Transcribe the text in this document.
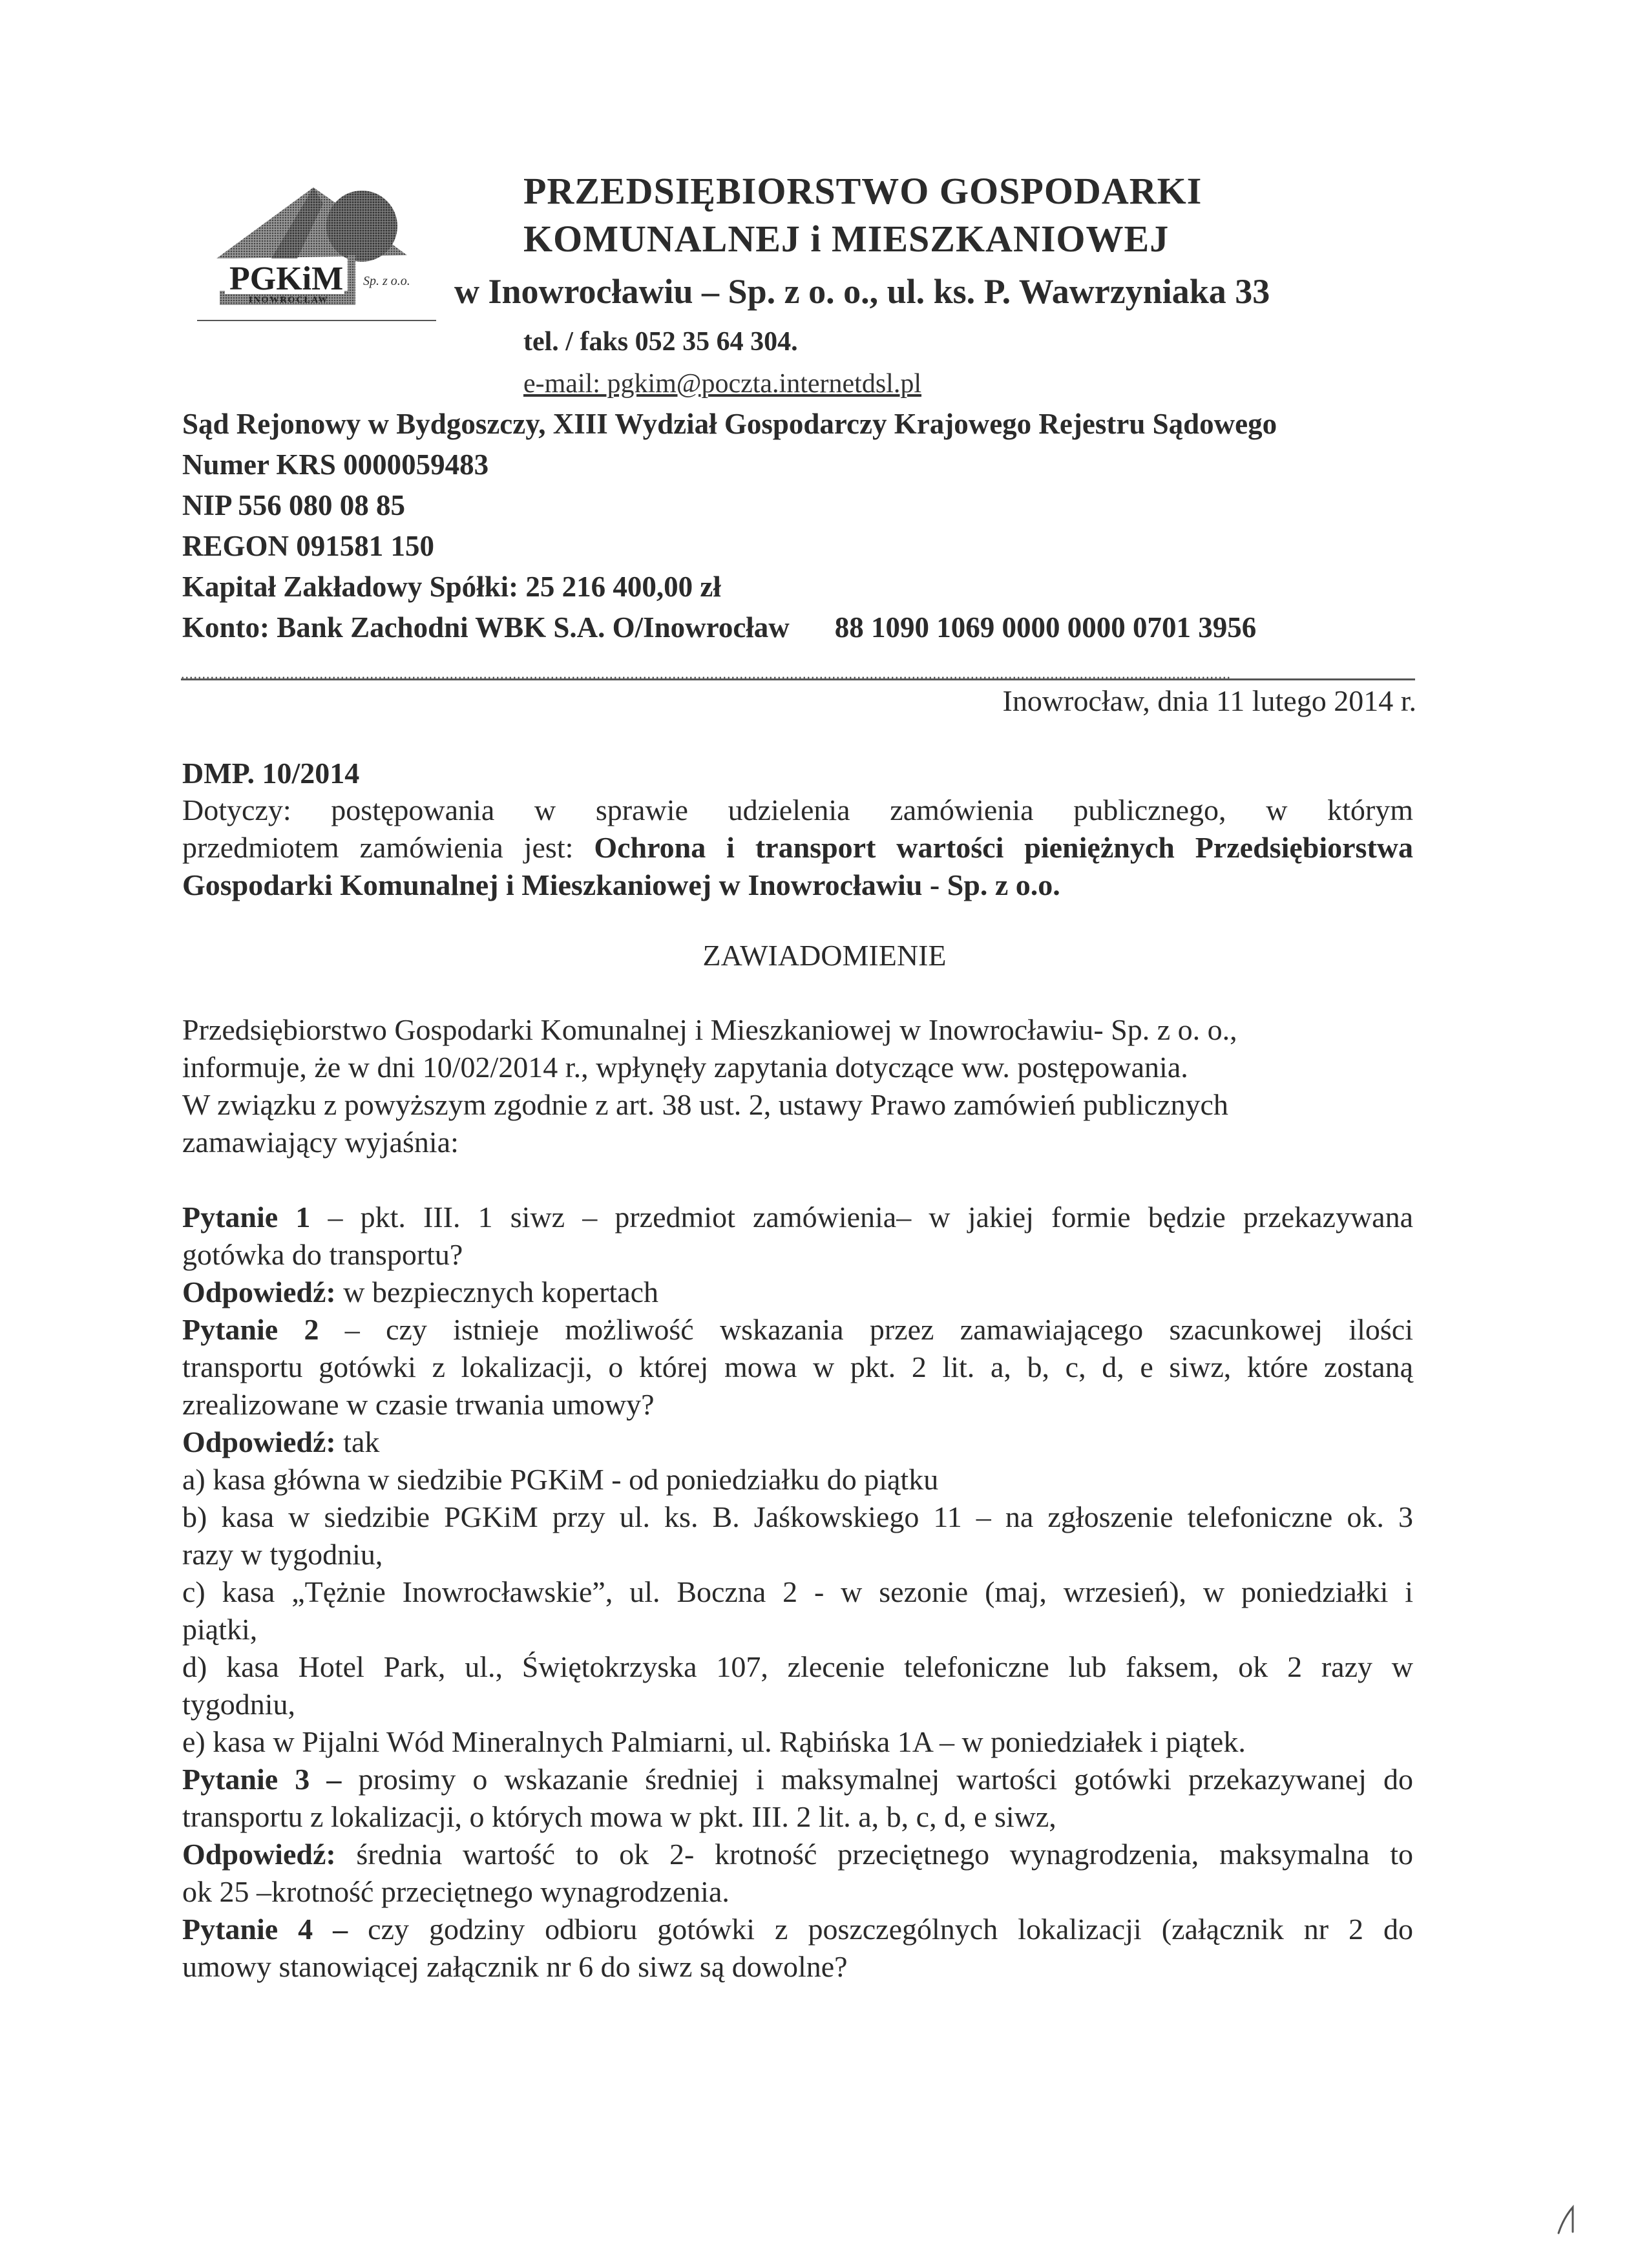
PGKiM
INOWROCŁAW
Sp. z o.o.
PRZEDSIĘBIORSTWO GOSPODARKI
KOMUNALNEJ i MIESZKANIOWEJ
w Inowrocławiu – Sp. z o. o., ul. ks. P. Wawrzyniaka 33
tel. / faks 052 35 64 304.
e-mail: pgkim@poczta.internetdsl.pl
Sąd Rejonowy w Bydgoszczy, XIII Wydział Gospodarczy Krajowego Rejestru Sądowego
Numer KRS 0000059483
NIP 556 080 08 85
REGON 091581 150
Kapitał Zakładowy Spółki: 25 216 400,00 zł
Konto: Bank Zachodni WBK S.A. O/Inowrocław 88 1090 1069 0000 0000 0701 3956
..........................................................................................................................................................................................................................................................
Inowrocław, dnia 11 lutego 2014 r.
DMP. 10/2014
Dotyczy: postępowania w sprawie udzielenia zamówienia publicznego, w którym
przedmiotem zamówienia jest: Ochrona i transport wartości pieniężnych Przedsiębiorstwa
Gospodarki Komunalnej i Mieszkaniowej w Inowrocławiu - Sp. z o.o.
ZAWIADOMIENIE
Przedsiębiorstwo Gospodarki Komunalnej i Mieszkaniowej w Inowrocławiu- Sp. z o. o.,
informuje, że w dni 10/02/2014 r., wpłynęły zapytania dotyczące ww. postępowania.
W związku z powyższym zgodnie z art. 38 ust. 2, ustawy Prawo zamówień publicznych
zamawiający wyjaśnia:
Pytanie 1 – pkt. III. 1 siwz – przedmiot zamówienia– w jakiej formie będzie przekazywana
gotówka do transportu?
Odpowiedź: w bezpiecznych kopertach
Pytanie 2 – czy istnieje możliwość wskazania przez zamawiającego szacunkowej ilości
transportu gotówki z lokalizacji, o której mowa w pkt. 2 lit. a, b, c, d, e siwz, które zostaną
zrealizowane w czasie trwania umowy?
Odpowiedź: tak
a) kasa główna w siedzibie PGKiM - od poniedziałku do piątku
b) kasa w siedzibie PGKiM przy ul. ks. B. Jaśkowskiego 11 – na zgłoszenie telefoniczne ok. 3
razy w tygodniu,
c) kasa „Tężnie Inowrocławskie”, ul. Boczna 2 - w sezonie (maj, wrzesień), w poniedziałki i
piątki,
d) kasa Hotel Park, ul., Świętokrzyska 107, zlecenie telefoniczne lub faksem, ok 2 razy w
tygodniu,
e) kasa w Pijalni Wód Mineralnych Palmiarni, ul. Rąbińska 1A – w poniedziałek i piątek.
Pytanie 3 – prosimy o wskazanie średniej i maksymalnej wartości gotówki przekazywanej do
transportu z lokalizacji, o których mowa w pkt. III. 2 lit. a, b, c, d, e siwz,
Odpowiedź: średnia wartość to ok 2- krotność przeciętnego wynagrodzenia, maksymalna to
ok 25 –krotność przeciętnego wynagrodzenia.
Pytanie 4 – czy godziny odbioru gotówki z poszczególnych lokalizacji (załącznik nr 2 do
umowy stanowiącej załącznik nr 6 do siwz są dowolne?
